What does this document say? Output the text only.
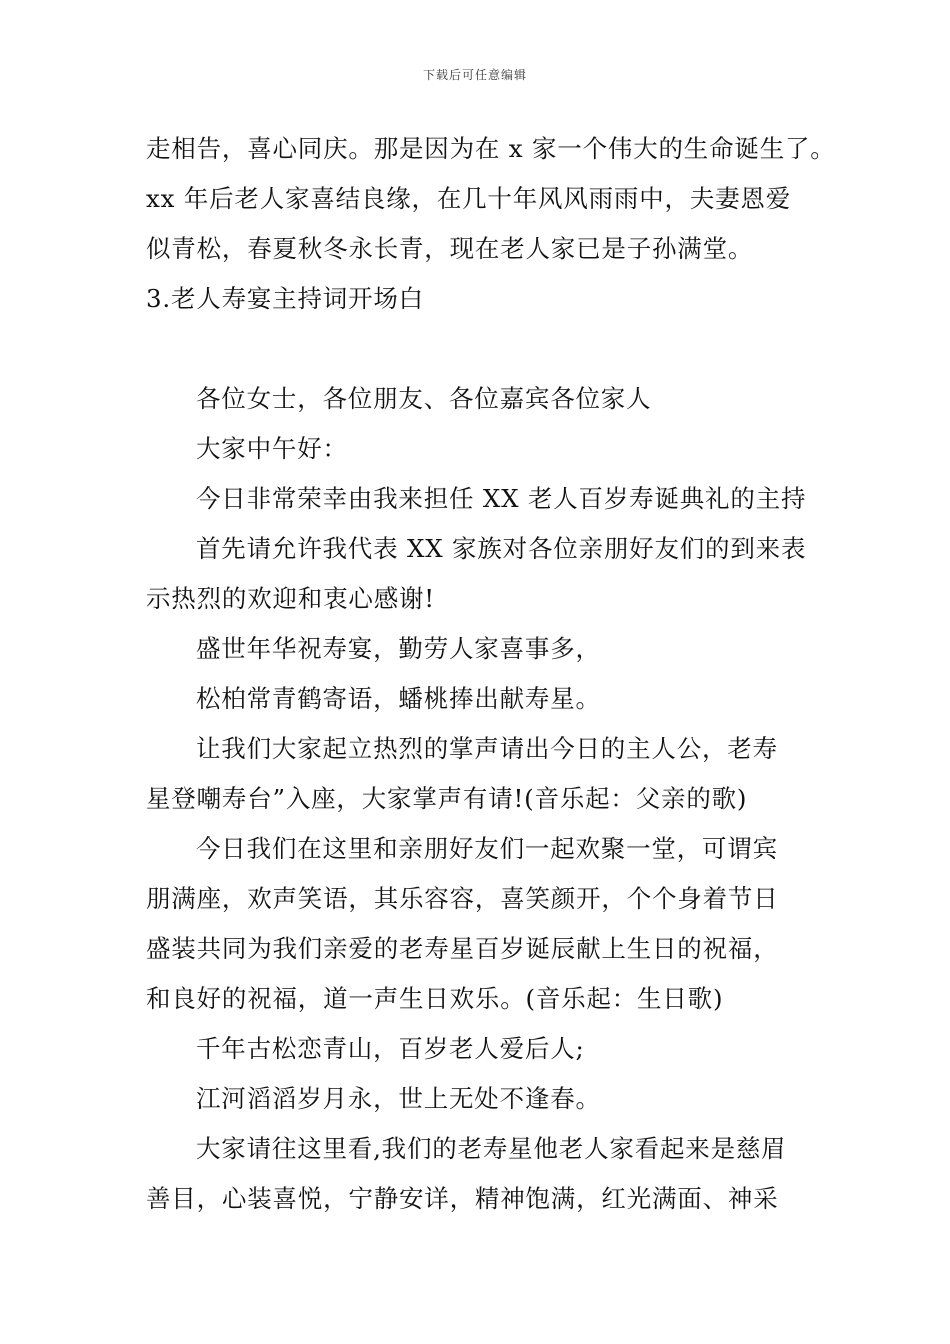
下载后可任意编辑
走相告，喜心同庆。那是因为在 x 家一个伟大的生命诞生了。
xx 年后老人家喜结良缘，在几十年风风雨雨中，夫妻恩爱
似青松，春夏秋冬永长青，现在老人家已是子孙满堂。
3.老人寿宴主持词开场白
各位女士，各位朋友、各位嘉宾各位家人
大家中午好：
今日非常荣幸由我来担任 XX 老人百岁寿诞典礼的主持
首先请允许我代表 XX 家族对各位亲朋好友们的到来表
示热烈的欢迎和衷心感谢!
盛世年华祝寿宴，勤劳人家喜事多，
松柏常青鹤寄语，蟠桃捧出献寿星。
让我们大家起立热烈的掌声请出今日的主人公，老寿
星登嘲寿台”入座，大家掌声有请!(音乐起：父亲的歌)
今日我们在这里和亲朋好友们一起欢聚一堂，可谓宾
朋满座，欢声笑语，其乐容容，喜笑颜开，个个身着节日
盛装共同为我们亲爱的老寿星百岁诞辰献上生日的祝福，
和良好的祝福，道一声生日欢乐。(音乐起：生日歌)
千年古松恋青山，百岁老人爱后人;
江河滔滔岁月永，世上无处不逢春。
大家请往这里看,我们的老寿星他老人家看起来是慈眉
善目，心装喜悦，宁静安详，精神饱满，红光满面、神采
